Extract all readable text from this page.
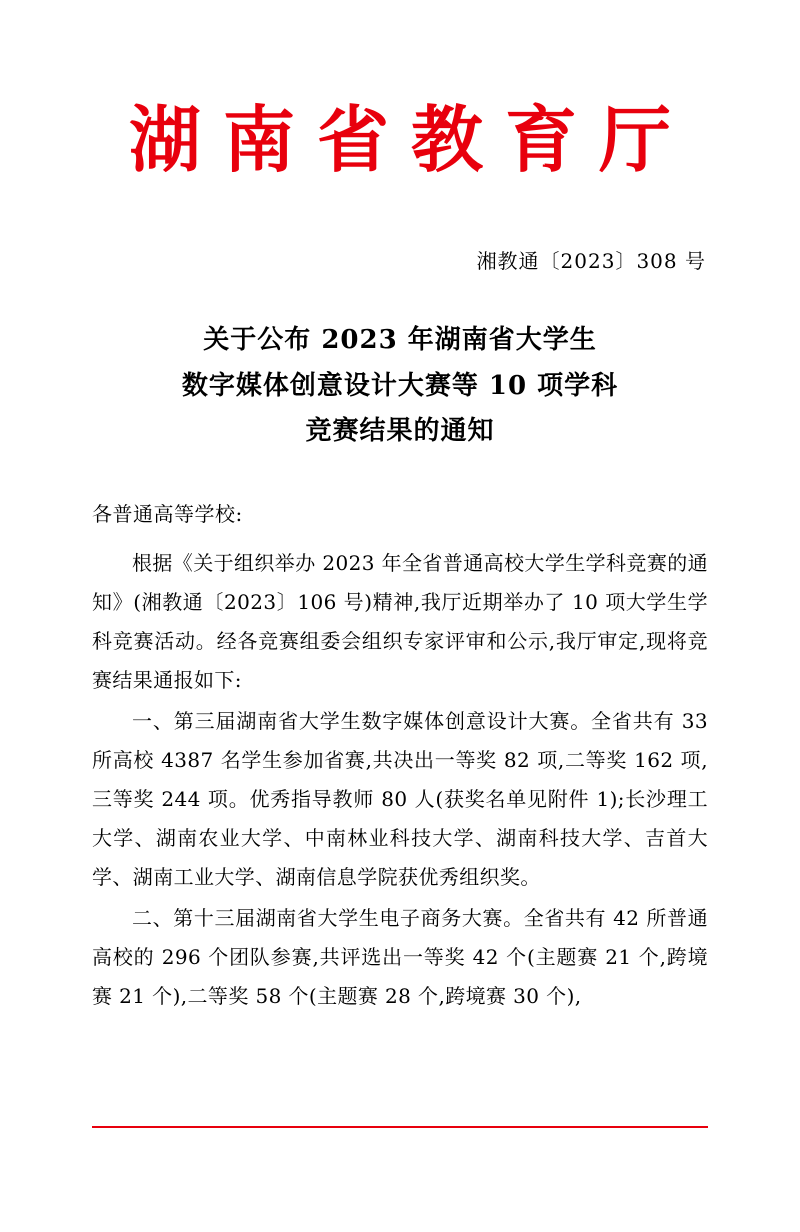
湖南省教育厅
湘教通〔2023〕308 号
关于公布 2023 年湖南省大学生
数字媒体创意设计大赛等 10 项学科
竞赛结果的通知
各普通高等学校:

根据《关于组织举办 2023 年全省普通高校大学生学科竞赛的通知》(湘教通〔2023〕106 号)精神,我厅近期举办了 10 项大学生学科竞赛活动。经各竞赛组委会组织专家评审和公示,我厅审定,现将竞赛结果通报如下:

一、第三届湖南省大学生数字媒体创意设计大赛。全省共有 33 所高校 4387 名学生参加省赛,共决出一等奖 82 项,二等奖 162 项,三等奖 244 项。优秀指导教师 80 人(获奖名单见附件 1);长沙理工大学、湖南农业大学、中南林业科技大学、湖南科技大学、吉首大学、湖南工业大学、湖南信息学院获优秀组织奖。

二、第十三届湖南省大学生电子商务大赛。全省共有 42 所普通高校的 296 个团队参赛,共评选出一等奖 42 个(主题赛 21 个,跨境赛 21 个),二等奖 58 个(主题赛 28 个,跨境赛 30 个),
